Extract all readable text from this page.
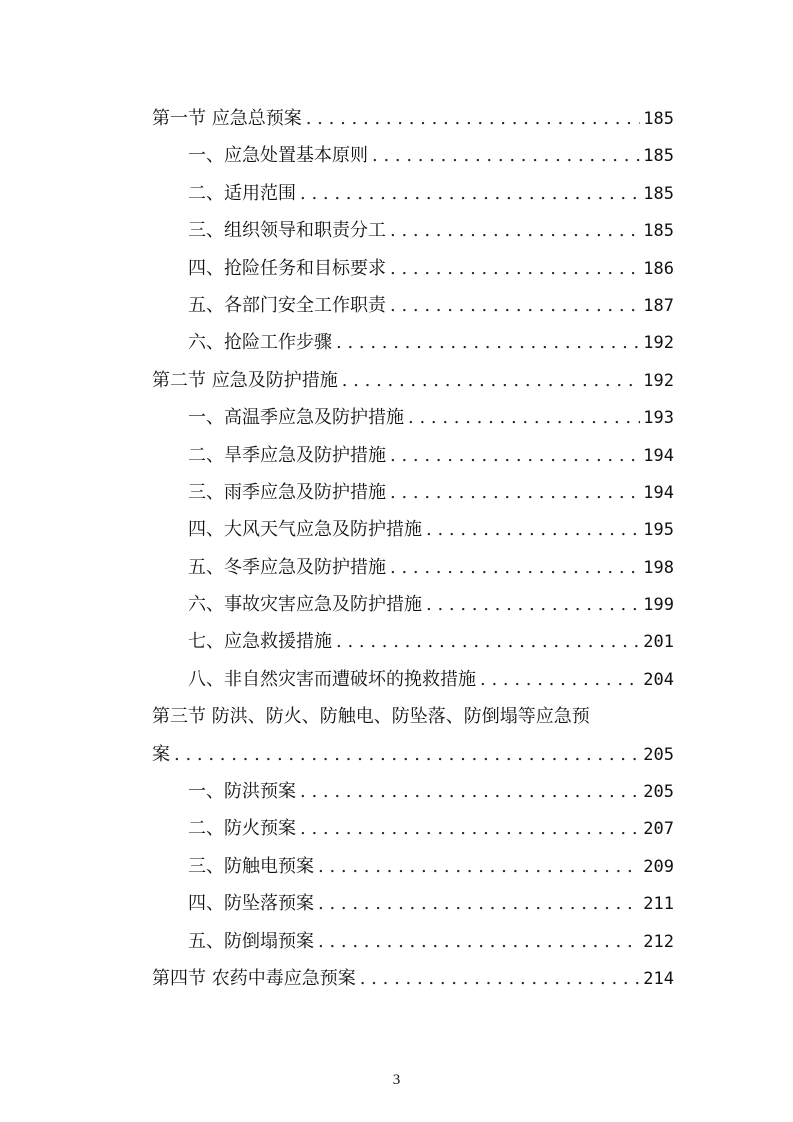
第一节 应急总预案 . . .	185
一、应急处置基本原则 . . .	185
二、适用范围 . . .	185
三、组织领导和职责分工 . . .	185
四、抢险任务和目标要求 . . .	186
五、各部门安全工作职责 . . .	187
六、抢险工作步骤 . . .	192
第二节 应急及防护措施 . . .	192
一、高温季应急及防护措施 . . .	193
二、旱季应急及防护措施 . . .	194
三、雨季应急及防护措施 . . .	194
四、大风天气应急及防护措施 . . .	195
五、冬季应急及防护措施 . . .	198
六、事故灾害应急及防护措施 . . .	199
七、应急救援措施 . . .	201
八、非自然灾害而遭破坏的挽救措施 . . .	204
第三节 防洪、防火、防触电、防坠落、防倒塌等应急预
案 . . .	205
一、防洪预案 . . .	205
二、防火预案 . . .	207
三、防触电预案 . . .	209
四、防坠落预案 . . .	211
五、防倒塌预案 . . .	212
第四节 农药中毒应急预案 . . .	214
3
